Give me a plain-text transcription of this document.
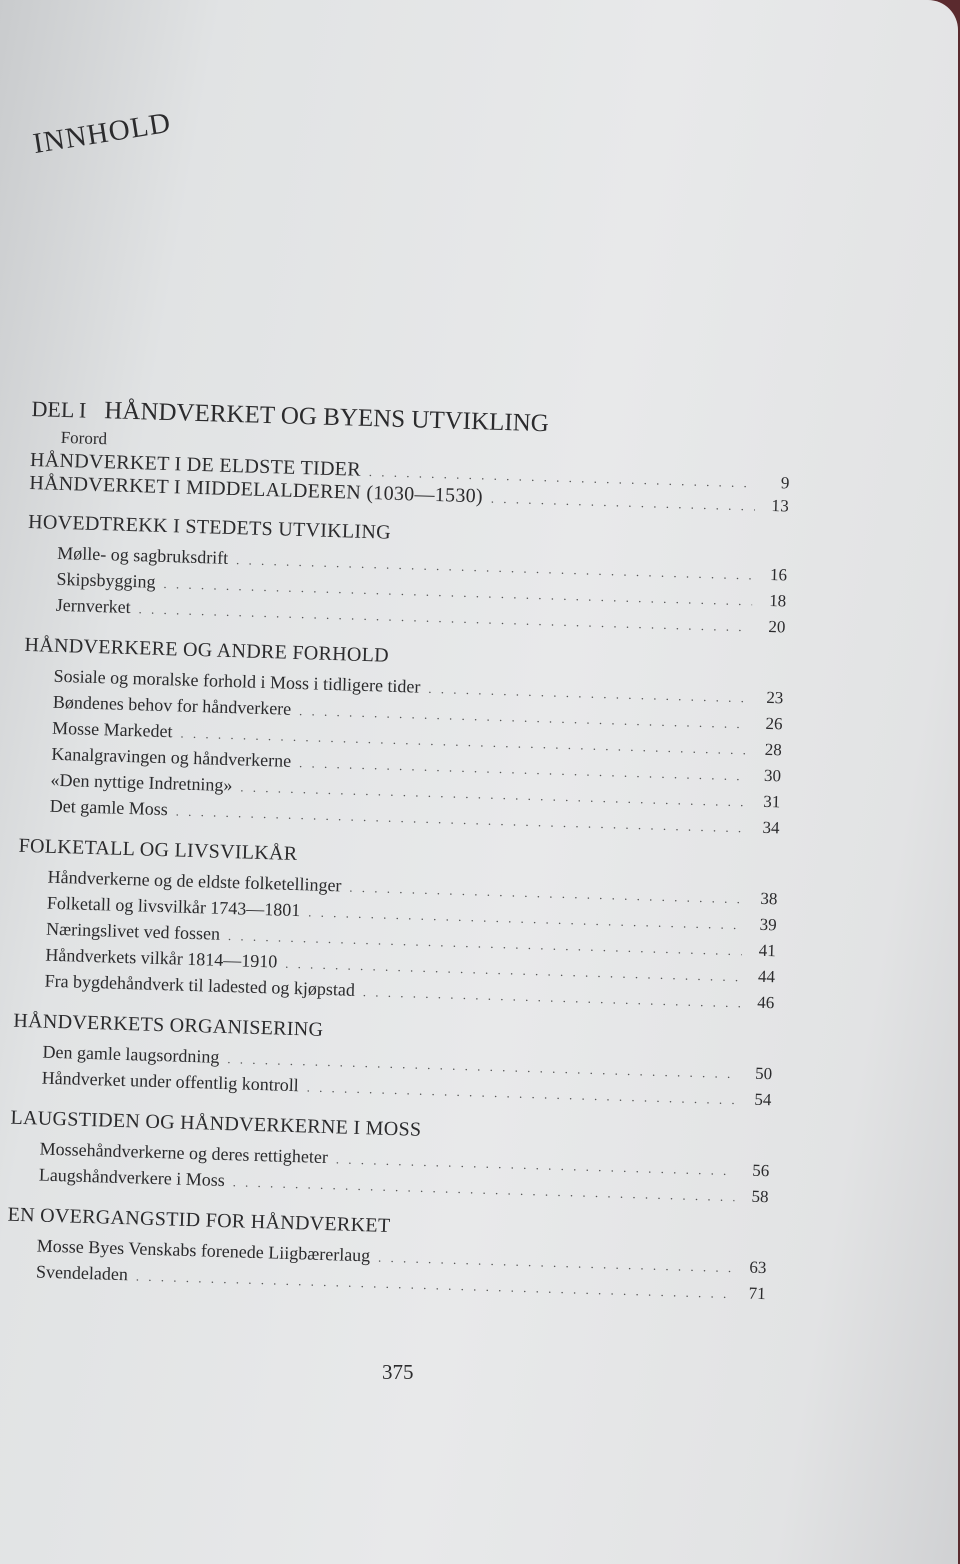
INNHOLD
DEL I HÅNDVERKET OG BYENS UTVIKLING
Forord
HÅNDVERKET I DE ELDSTE TIDER
. . .
9
HÅNDVERKET I MIDDELALDEREN (1030—1530)
. . .	13
HOVEDTREKK I STEDETS UTVIKLING
Mølle- og sagbruksdrift
. . .
16
Skipsbygging
. . .
18
Jernverket
. . .
20
HÅNDVERKERE OG ANDRE FORHOLD
Sosiale og moralske forhold i Moss i tidligere tider
. . .
23
Bøndenes behov for håndverkere
. . .
26
Mosse Markedet
. . .
28
Kanalgravingen og håndverkerne
. . .
30
«Den nyttige Indretning»
. . .
31
Det gamle Moss
. . .
34
FOLKETALL OG LIVSVILKÅR
Håndverkerne og de eldste folketellinger
. . .
38
Folketall og livsvilkår 1743—1801
. . .
39
Næringslivet ved fossen
. . .
41
Håndverkets vilkår 1814—1910
. . .
44
Fra bygdehåndverk til ladested og kjøpstad
. . .
46
HÅNDVERKETS ORGANISERING
Den gamle laugsordning
. . .
50
Håndverket under offentlig kontroll
. . .
54
LAUGSTIDEN OG HÅNDVERKERNE I MOSS
Mossehåndverkerne og deres rettigheter
. . .
56
Laugshåndverkere i Moss
. . .
58
EN OVERGANGSTID FOR HÅNDVERKET
Mosse Byes Venskabs forenede Liigbærerlaug
. . .
63
Svendeladen
. . .
71
375
